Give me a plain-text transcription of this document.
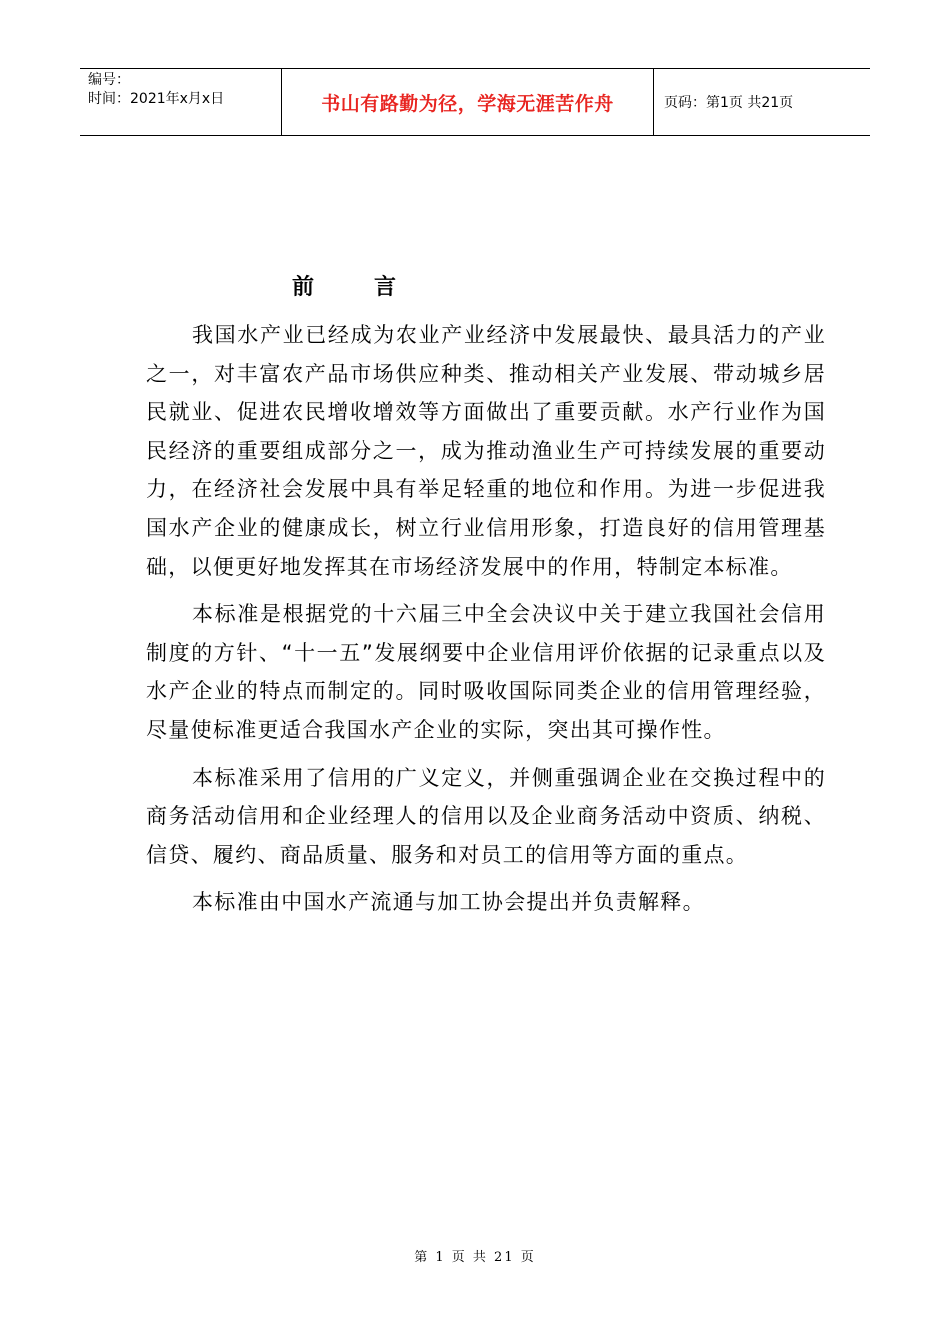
编号：
时间：2021年x月x日	书山有路勤为径，学海无涯苦作舟	页码：第1页 共21页
前言

我国水产业已经成为农业产业经济中发展最快、最具活力的产业之一，对丰富农产品市场供应种类、推动相关产业发展、带动城乡居民就业、促进农民增收增效等方面做出了重要贡献。水产行业作为国民经济的重要组成部分之一，成为推动渔业生产可持续发展的重要动力，在经济社会发展中具有举足轻重的地位和作用。为进一步促进我国水产企业的健康成长，树立行业信用形象，打造良好的信用管理基础，以便更好地发挥其在市场经济发展中的作用，特制定本标准。

本标准是根据党的十六届三中全会决议中关于建立我国社会信用制度的方针、“十一五”发展纲要中企业信用评价依据的记录重点以及水产企业的特点而制定的。同时吸收国际同类企业的信用管理经验，尽量使标准更适合我国水产企业的实际，突出其可操作性。

本标准采用了信用的广义定义，并侧重强调企业在交换过程中的商务活动信用和企业经理人的信用以及企业商务活动中资质、纳税、信贷、履约、商品质量、服务和对员工的信用等方面的重点。

本标准由中国水产流通与加工协会提出并负责解释。

第 1 页 共 21 页
